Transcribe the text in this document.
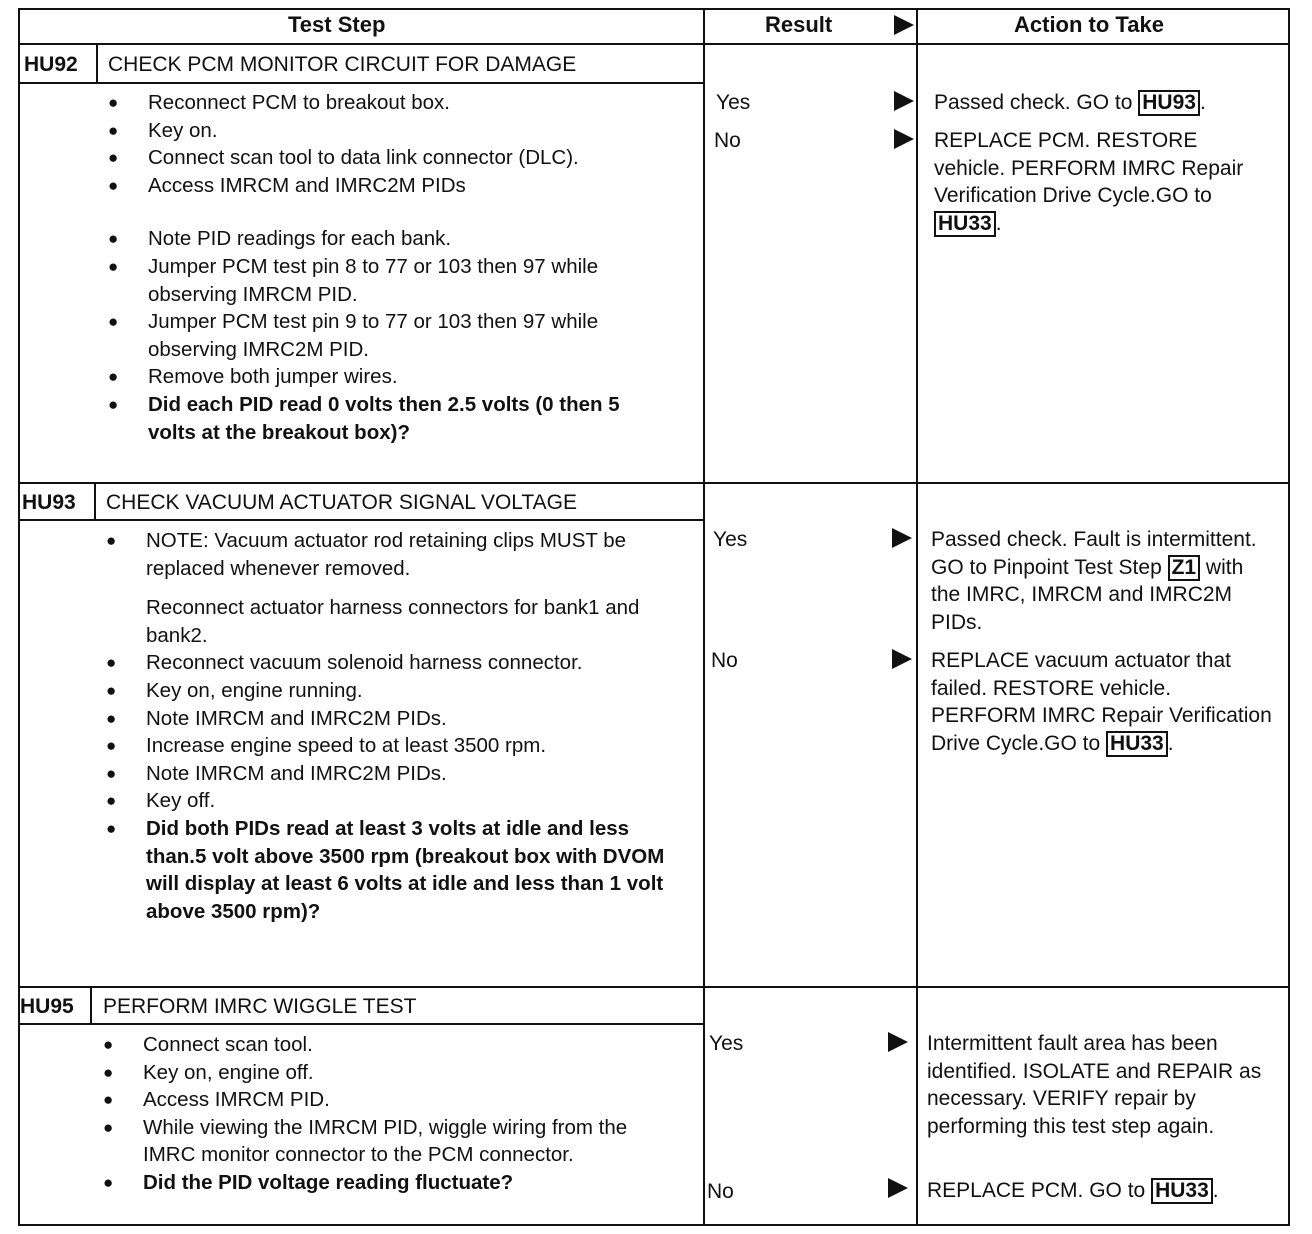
Test Step	Result	Action to Take
HU92 CHECK PCM MONITOR CIRCUIT FOR DAMAGE
● Reconnect PCM to breakout box.
● Key on.
● Connect scan tool to data link connector (DLC).
● Access IMRCM and IMRC2M PIDs
● Note PID readings for each bank.
● Jumper PCM test pin 8 to 77 or 103 then 97 while observing IMRCM PID.
● Jumper PCM test pin 9 to 77 or 103 then 97 while observing IMRC2M PID.
● Remove both jumper wires.
● Did each PID read 0 volts then 2.5 volts (0 then 5 volts at the breakout box)?
Yes
No
Passed check. GO to HU93 .
REPLACE PCM. RESTORE vehicle. PERFORM IMRC Repair Verification Drive Cycle.GO to HU33 .
HU93 CHECK VACUUM ACTUATOR SIGNAL VOLTAGE
● NOTE: Vacuum actuator rod retaining clips MUST be replaced whenever removed.
Reconnect actuator harness connectors for bank1 and bank2.
● Reconnect vacuum solenoid harness connector.
● Key on, engine running.
● Note IMRCM and IMRC2M PIDs.
● Increase engine speed to at least 3500 rpm.
● Note IMRCM and IMRC2M PIDs.
● Key off.
● Did both PIDs read at least 3 volts at idle and less than.5 volt above 3500 rpm (breakout box with DVOM will display at least 6 volts at idle and less than 1 volt above 3500 rpm)?
Yes
No
Passed check. Fault is intermittent. GO to Pinpoint Test Step Z1 with the IMRC, IMRCM and IMRC2M PIDs.
REPLACE vacuum actuator that failed. RESTORE vehicle. PERFORM IMRC Repair Verification Drive Cycle.GO to HU33 .
HU95 PERFORM IMRC WIGGLE TEST
● Connect scan tool.
● Key on, engine off.
● Access IMRCM PID.
● While viewing the IMRCM PID, wiggle wiring from the IMRC monitor connector to the PCM connector.
● Did the PID voltage reading fluctuate?
Yes
No
Intermittent fault area has been identified. ISOLATE and REPAIR as necessary. VERIFY repair by performing this test step again.
REPLACE PCM. GO to HU33 .
